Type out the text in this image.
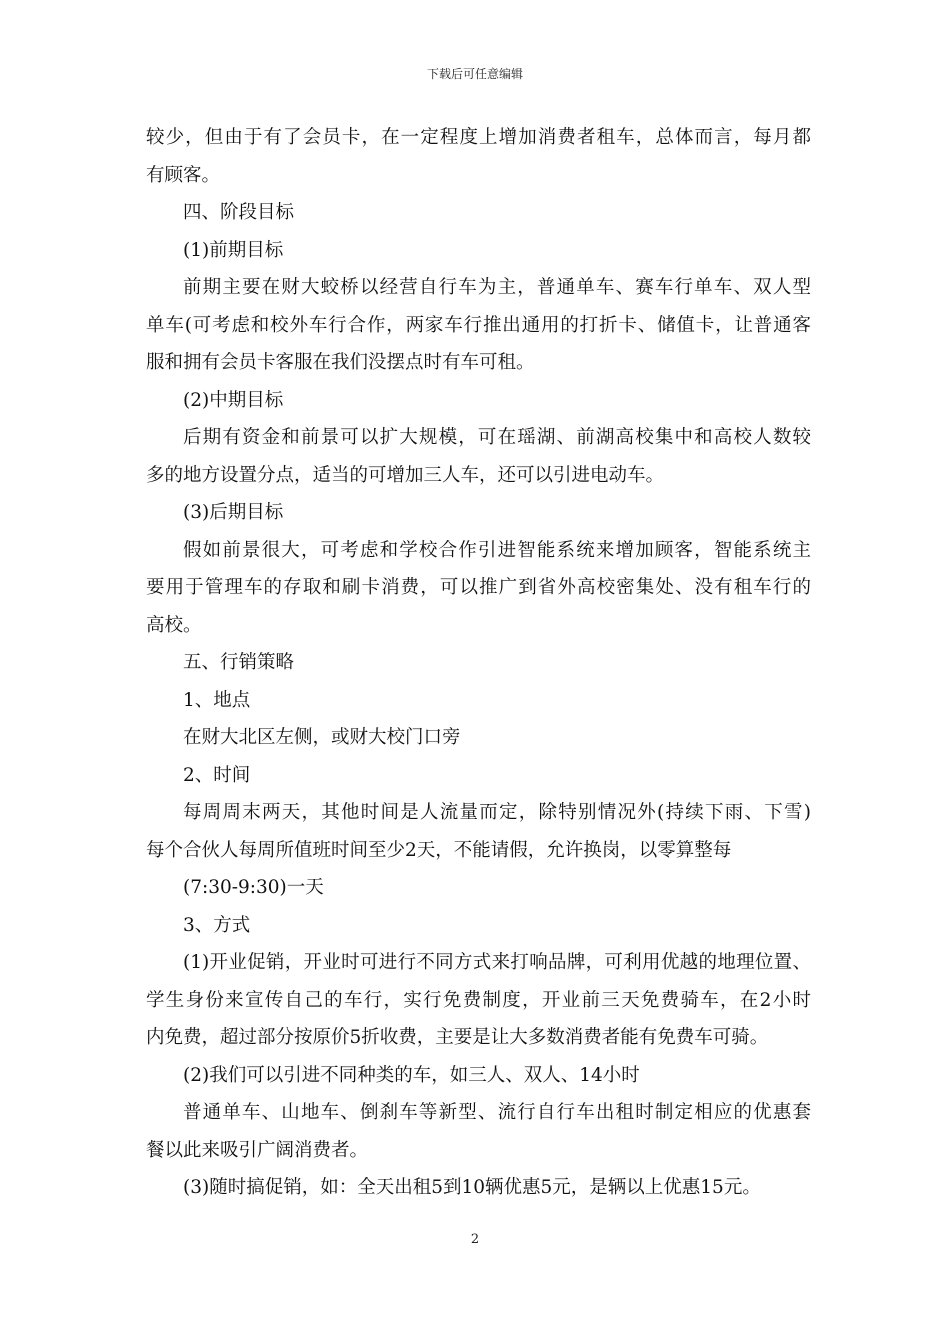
下载后可任意编辑
较少，但由于有了会员卡，在一定程度上增加消费者租车，总体而言，每月都
有顾客。
四、阶段目标
(1)前期目标
前期主要在财大蛟桥以经营自行车为主，普通单车、赛车行单车、双人型
单车(可考虑和校外车行合作，两家车行推出通用的打折卡、储值卡，让普通客
服和拥有会员卡客服在我们没摆点时有车可租。
(2)中期目标
后期有资金和前景可以扩大规模，可在瑶湖、前湖高校集中和高校人数较
多的地方设置分点，适当的可增加三人车，还可以引进电动车。
(3)后期目标
假如前景很大，可考虑和学校合作引进智能系统来增加顾客，智能系统主
要用于管理车的存取和刷卡消费，可以推广到省外高校密集处、没有租车行的
高校。
五、行销策略
1、地点
在财大北区左侧，或财大校门口旁
2、时间
每周周末两天，其他时间是人流量而定，除特别情况外(持续下雨、下雪)
每个合伙人每周所值班时间至少2天，不能请假，允许换岗，以零算整每
(7:30-9:30)一天
3、方式
(1)开业促销，开业时可进行不同方式来打响品牌，可利用优越的地理位置、
学生身份来宣传自己的车行，实行免费制度，开业前三天免费骑车，在2小时
内免费，超过部分按原价5折收费，主要是让大多数消费者能有免费车可骑。
(2)我们可以引进不同种类的车，如三人、双人、14小时
普通单车、山地车、倒刹车等新型、流行自行车出租时制定相应的优惠套
餐以此来吸引广阔消费者。
(3)随时搞促销，如：全天出租5到10辆优惠5元，是辆以上优惠15元。
2
